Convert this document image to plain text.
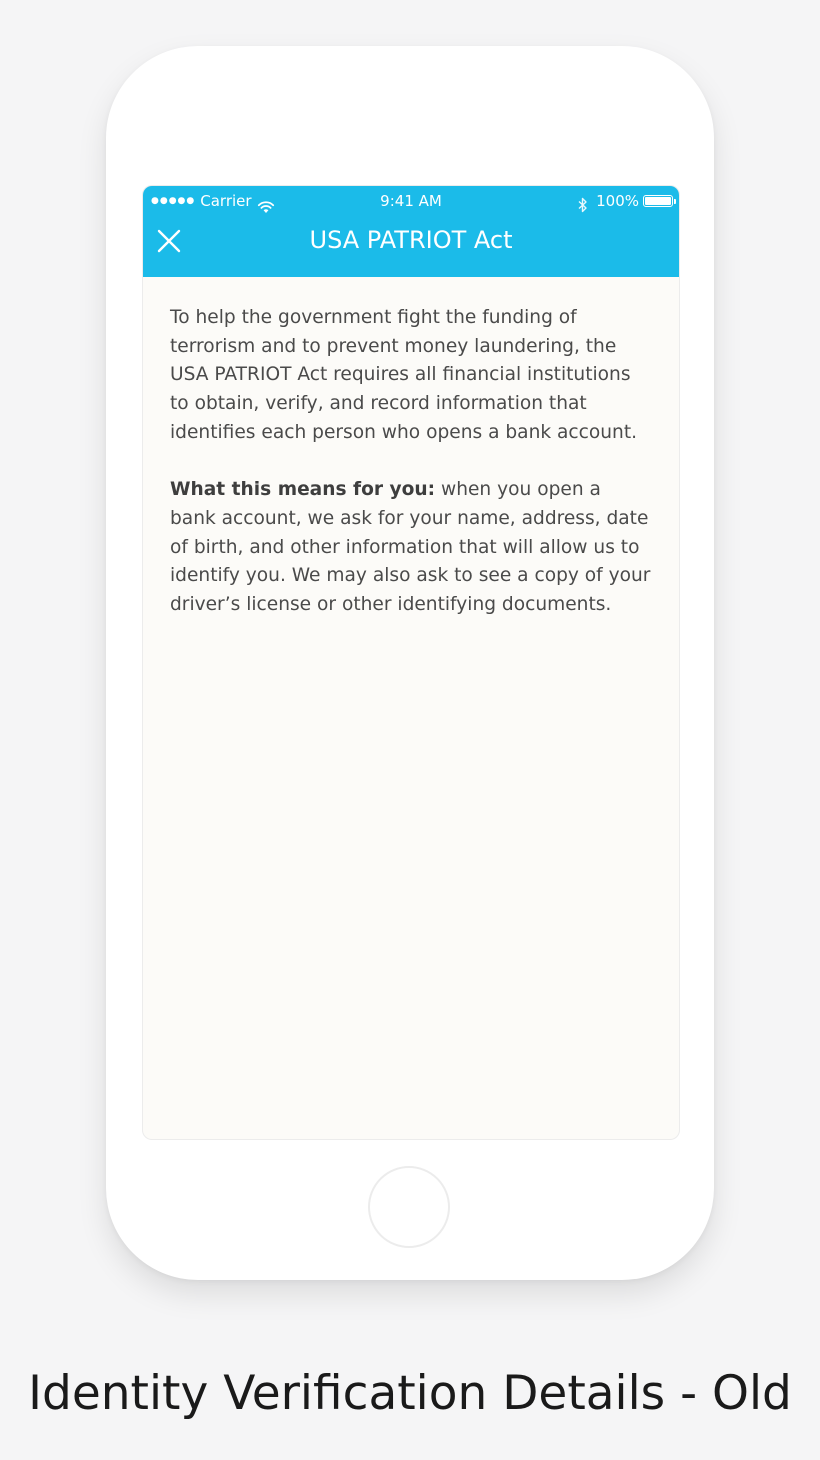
●●●●● Carrier	9:41 AM	100%
USA PATRIOT Act

To help the government fight the funding of terrorism and to prevent money laundering, the USA PATRIOT Act requires all financial institutions to obtain, verify, and record information that identifies each person who opens a bank account.

What this means for you: when you open a bank account, we ask for your name, address, date of birth, and other information that will allow us to identify you. We may also ask to see a copy of your driver’s license or other identifying documents.

Identity Verification Details - Old
